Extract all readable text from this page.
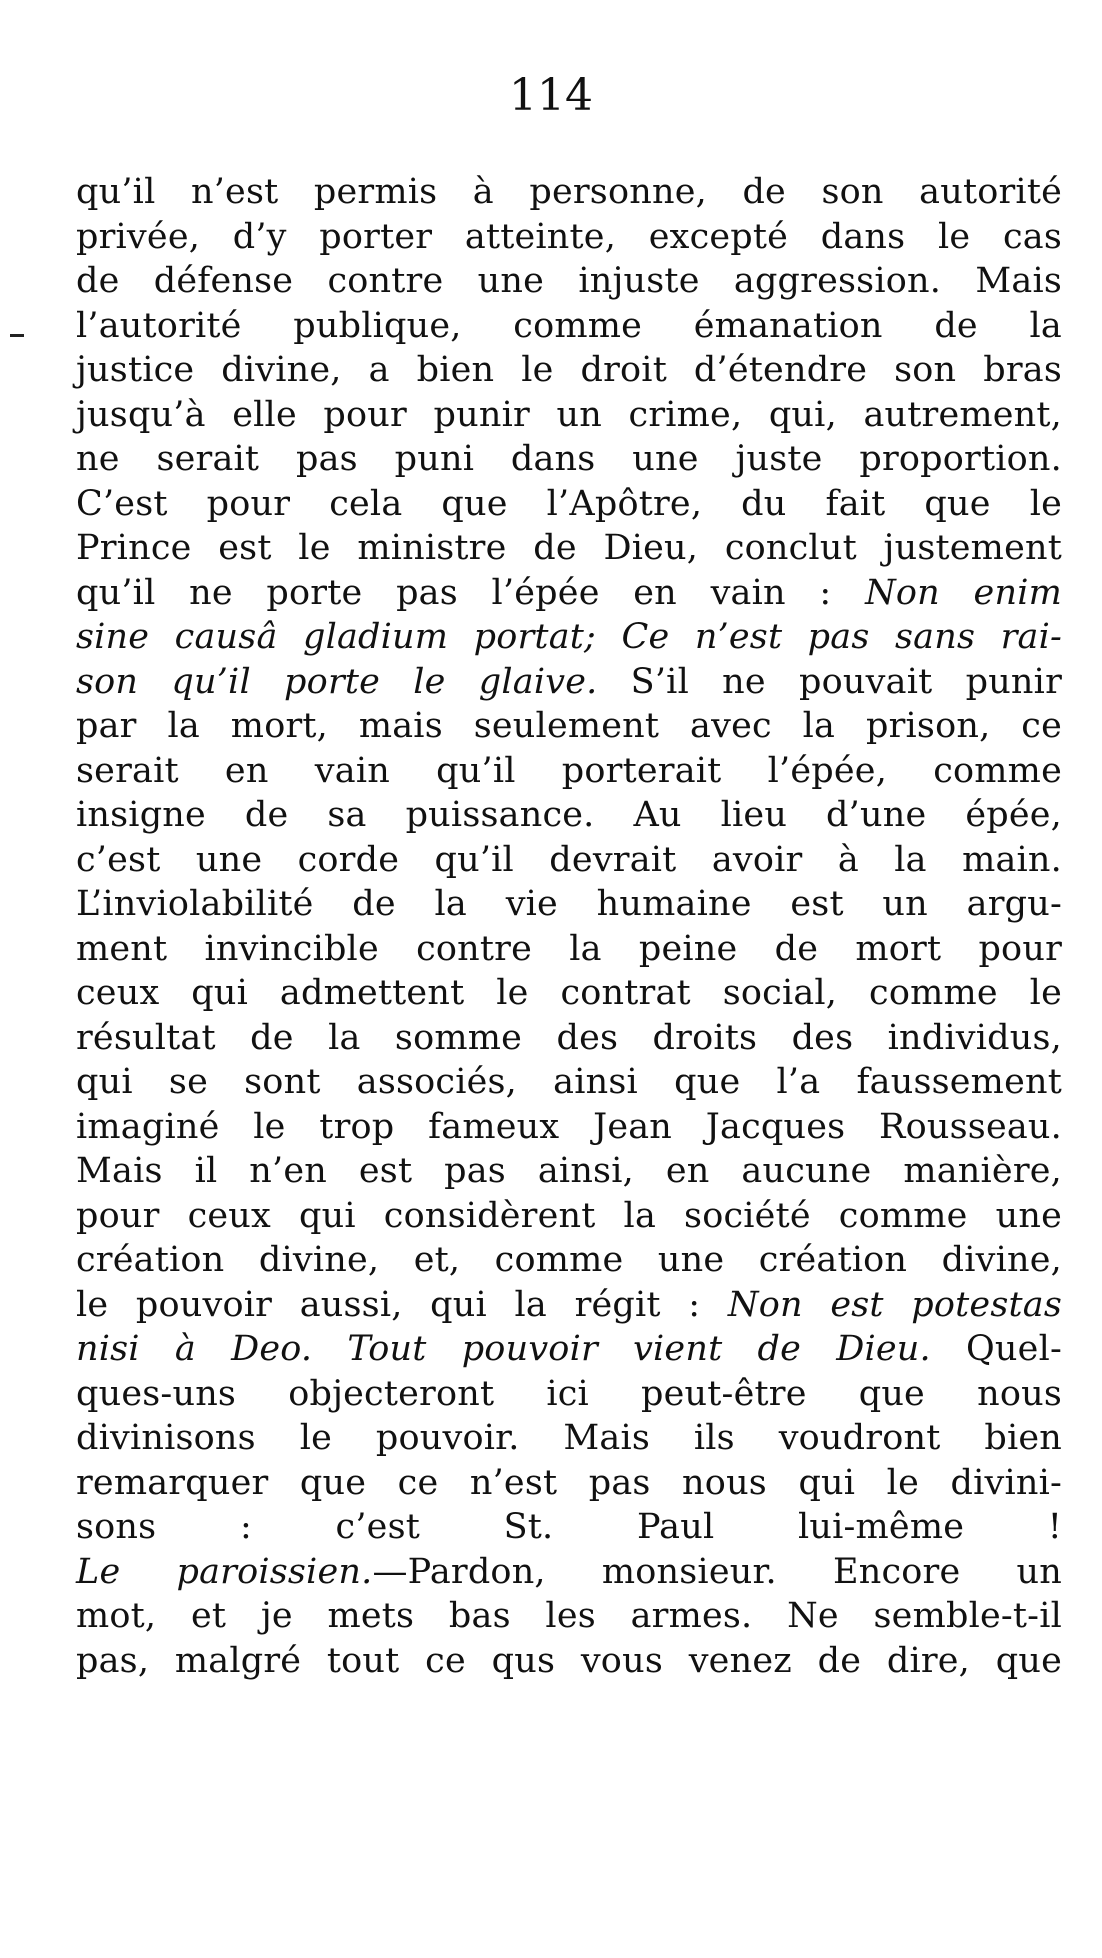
114
qu’il n’est permis à personne, de son autorité
privée, d’y porter atteinte, excepté dans le cas
de défense contre une injuste aggression. Mais
l’autorité publique, comme émanation de la
justice divine, a bien le droit d’étendre son bras
jusqu’à elle pour punir un crime, qui, autrement,
ne serait pas puni dans une juste proportion.
C’est pour cela que l’Apôtre, du fait que le
Prince est le ministre de Dieu, conclut justement
qu’il ne porte pas l’épée en vain : Non enim
sine causâ gladium portat; Ce n’est pas sans rai-
son qu’il porte le glaive. S’il ne pouvait punir
par la mort, mais seulement avec la prison, ce
serait en vain qu’il porterait l’épée, comme
insigne de sa puissance. Au lieu d’une épée,
c’est une corde qu’il devrait avoir à la main.
L’inviolabilité de la vie humaine est un argu-
ment invincible contre la peine de mort pour
ceux qui admettent le contrat social, comme le
résultat de la somme des droits des individus,
qui se sont associés, ainsi que l’a faussement
imaginé le trop fameux Jean Jacques Rousseau.
Mais il n’en est pas ainsi, en aucune manière,
pour ceux qui considèrent la société comme une
création divine, et, comme une création divine,
le pouvoir aussi, qui la régit : Non est potestas
nisi à Deo. Tout pouvoir vient de Dieu. Quel-
ques-uns objecteront ici peut-être que nous
divinisons le pouvoir. Mais ils voudront bien
remarquer que ce n’est pas nous qui le divini-
sons : c’est St. Paul lui-même !
Le paroissien.—Pardon, monsieur. Encore un
mot, et je mets bas les armes. Ne semble-t-il
pas, malgré tout ce qus vous venez de dire, que
